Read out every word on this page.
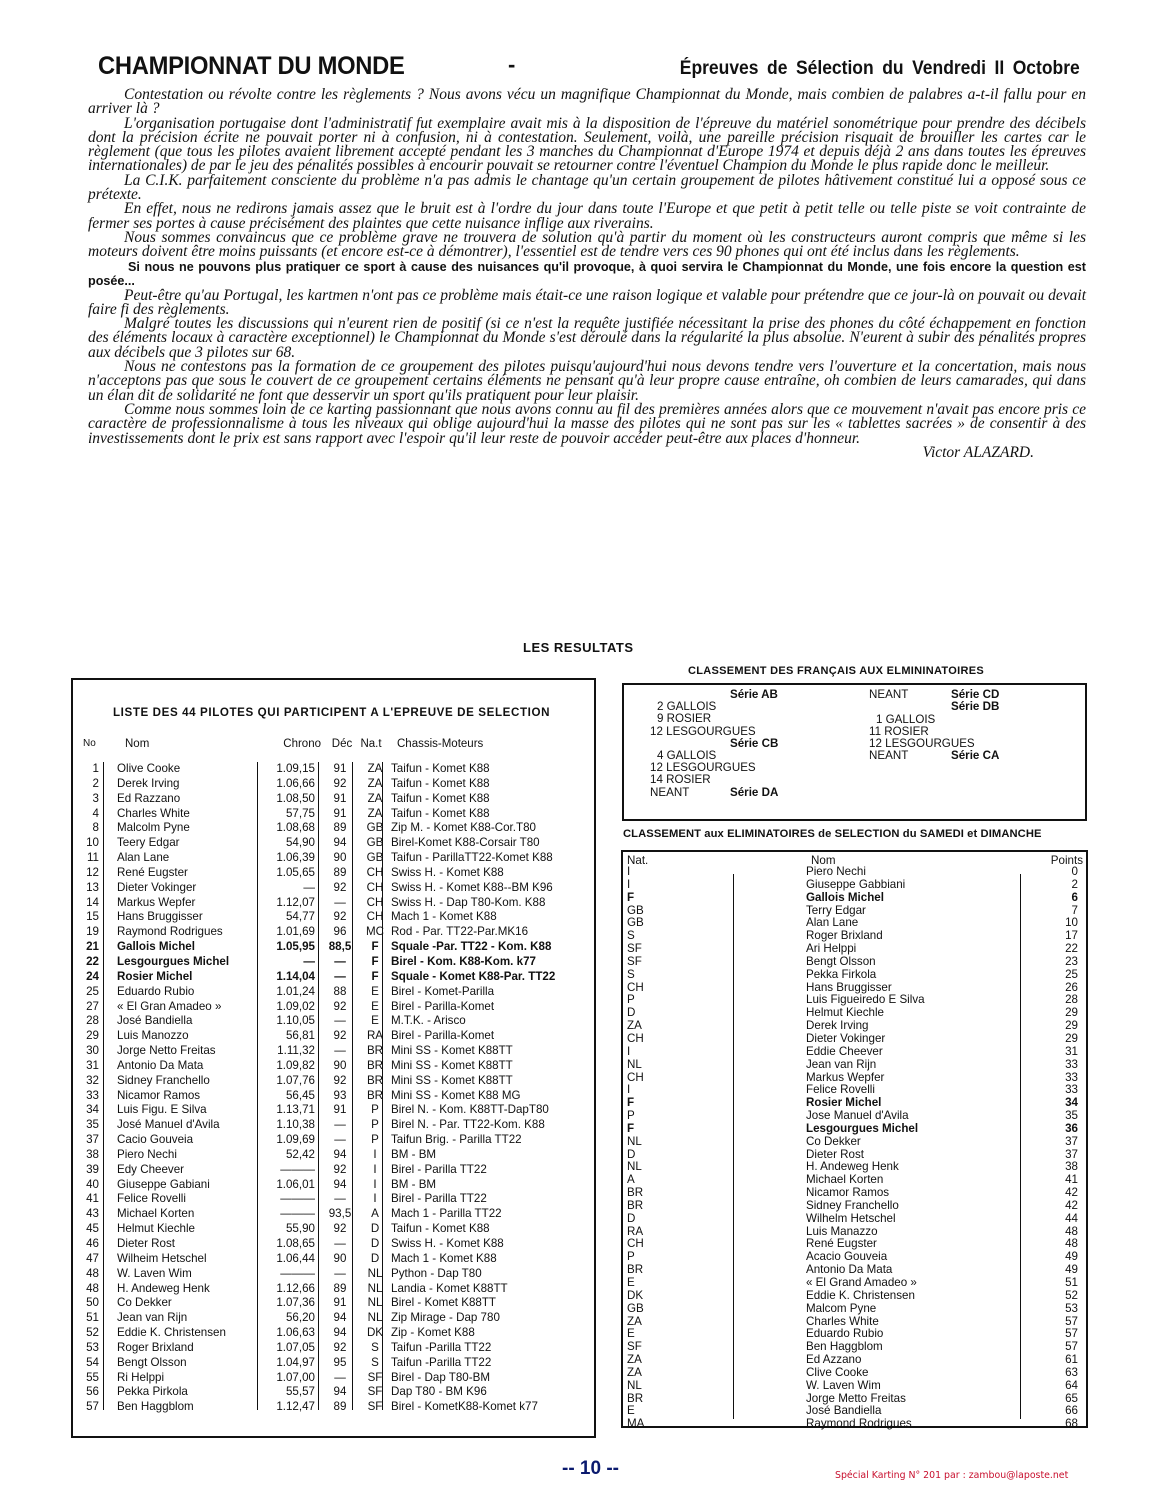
CHAMPIONNAT DU MONDE	-	Épreuves de Sélection du Vendredi II Octobre

Contestation ou révolte contre les règlements ? Nous avons vécu un magnifique Championnat du Monde, mais combien de palabres a-t-il fallu pour en arriver là ?

L'organisation portugaise dont l'administratif fut exemplaire avait mis à la disposition de l'épreuve du matériel sonométrique pour prendre des décibels dont la précision écrite ne pouvait porter ni à confusion, ni à contestation. Seulement, voilà, une pareille précision risquait de brouiller les cartes car le règlement (que tous les pilotes avaient librement accepté pendant les 3 manches du Championnat d'Europe 1974 et depuis déjà 2 ans dans toutes les épreuves internationales) de par le jeu des pénalités possibles à encourir pouvait se retourner contre l'éventuel Champion du Monde le plus rapide donc le meilleur.

La C.I.K. parfaitement consciente du problème n'a pas admis le chantage qu'un certain groupement de pilotes hâtivement constitué lui a opposé sous ce prétexte.

En effet, nous ne redirons jamais assez que le bruit est à l'ordre du jour dans toute l'Europe et que petit à petit telle ou telle piste se voit contrainte de fermer ses portes à cause précisément des plaintes que cette nuisance inflige aux riverains.

Nous sommes convaincus que ce problème grave ne trouvera de solution qu'à partir du moment où les constructeurs auront compris que même si les moteurs doivent être moins puissants (et encore est-ce à démontrer), l'essentiel est de tendre vers ces 90 phones qui ont été inclus dans les règlements.

Si nous ne pouvons plus pratiquer ce sport à cause des nuisances qu'il provoque, à quoi servira le Championnat du Monde, une fois encore la question est posée...

Peut-être qu'au Portugal, les kartmen n'ont pas ce problème mais était-ce une raison logique et valable pour prétendre que ce jour-là on pouvait ou devait faire fi des règlements.

Malgré toutes les discussions qui n'eurent rien de positif (si ce n'est la requête justifiée nécessitant la prise des phones du côté échappement en fonction des éléments locaux à caractère exceptionnel) le Championnat du Monde s'est déroulé dans la régularité la plus absolue. N'eurent à subir des pénalités propres aux décibels que 3 pilotes sur 68.

Nous ne contestons pas la formation de ce groupement des pilotes puisqu'aujourd'hui nous devons tendre vers l'ouverture et la concertation, mais nous n'acceptons pas que sous le couvert de ce groupement certains éléments ne pensant qu'à leur propre cause entraîne, oh combien de leurs camarades, qui dans un élan dit de solidarité ne font que desservir un sport qu'ils pratiquent pour leur plaisir.

Comme nous sommes loin de ce karting passionnant que nous avons connu au fil des premières années alors que ce mouvement n'avait pas encore pris ce caractère de professionnalisme à tous les niveaux qui oblige aujourd'hui la masse des pilotes qui ne sont pas sur les « tablettes sacrées » de consentir à des investissements dont le prix est sans rapport avec l'espoir qu'il leur reste de pouvoir accéder peut-être aux places d'honneur.

Victor ALAZARD.

LES RESULTATS
LISTE DES 44 PILOTES QUI PARTICIPENT A L'EPREUVE DE SELECTION
No	Nom	Chrono Déc Na.t	Chassis-Moteurs
1 Olive Cooke	1.09,15	91	ZA Taifun - Komet K88
2 Derek Irving	1.06,66	92	ZA Taifun - Komet K88
3 Ed Razzano	1.08,50	91	ZA Taifun - Komet K88
4 Charles White	57,75	91	ZA Taifun - Komet K88
8 Malcolm Pyne	1.08,68	89	GB Zip M. - Komet K88-Cor.T80
10 Teery Edgar	54,90	94	GB Birel-Komet K88-Corsair T80
11 Alan Lane	1.06,39	90	GB Taifun - ParillaTT22-Komet K88
12 René Eugster	1.05,65	89	CH Swiss H. - Komet K88
13 Dieter Vokinger	—	92	CH Swiss H. - Komet K88--BM K96
14 Markus Wepfer	1.12,07	—	CH Swiss H. - Dap T80-Kom. K88
15 Hans Bruggisser	54,77	92	CH Mach 1 - Komet K88
19 Raymond Rodrigues	1.01,69	96	MC Rod - Par. TT22-Par.MK16
21 Gallois Michel	1.05,95	88,5	F	Squale -Par. TT22 - Kom. K88
22 Lesgourgues Michel	—	—	F	Birel - Kom. K88-Kom. k77
24 Rosier Michel	1.14,04	—	F	Squale - Komet K88-Par. TT22
25 Eduardo Rubio	1.01,24	88	E	Birel - Komet-Parilla
27 « El Gran Amadeo »	1.09,02	92	E	Birel - Parilla-Komet
28 José Bandiella	1.10,05	—	E	M.T.K. - Arisco
29 Luis Manozzo	56,81	92	RA Birel - Parilla-Komet
30 Jorge Netto Freitas	1.11,32	—	BR Mini SS - Komet K88TT
31 Antonio Da Mata	1.09,82	90	BR Mini SS - Komet K88TT
32 Sidney Franchello	1.07,76	92	BR Mini SS - Komet K88TT
33 Nicamor Ramos	56,45	93	BR Mini SS - Komet K88 MG
34 Luis Figu. E Silva	1.13,71	91	P	Birel N. - Kom. K88TT-DapT80
35 José Manuel d'Avila	1.10,38	—	P	Birel N. - Par. TT22-Kom. K88
37 Cacio Gouveia	1.09,69	—	P	Taifun Brig. - Parilla TT22
38 Piero Nechi	52,42	94	I	BM - BM
39 Edy Cheever	———	92	I	Birel - Parilla TT22
40 Giuseppe Gabiani	1.06,01	94	I	BM - BM
41 Felice Rovelli	———	—	I	Birel - Parilla TT22
43 Michael Korten	———	93,5	A	Mach 1 - Parilla TT22
45 Helmut Kiechle	55,90	92	D	Taifun - Komet K88
46 Dieter Rost	1.08,65	—	D	Swiss H. - Komet K88
47 Wilheim Hetschel	1.06,44	90	D	Mach 1 - Komet K88
48 W. Laven Wim	———	—	NL Python - Dap T80
48 H. Andeweg Henk	1.12,66	89	NL Landia - Komet K88TT
50 Co Dekker	1.07,36	91	NL Birel - Komet K88TT
51 Jean van Rijn	56,20	94	NL Zip Mirage - Dap 780
52 Eddie K. Christensen	1.06,63	94	DK Zip - Komet K88
53 Roger Brixland	1.07,05	92	S	Taifun -Parilla TT22
54 Bengt Olsson	1.04,97	95	S	Taifun -Parilla TT22
55 Ri Helppi	1.07,00	—	SF Birel - Dap T80-BM
56 Pekka Pirkola	55,57	94	SF Dap T80 - BM K96
57 Ben Haggblom	1.12,47	89	SF Birel - KometK88-Komet k77
CLASSEMENT DES FRANÇAIS AUX ELMININATOIRES
Série AB
2 GALLOIS
9 ROSIER
12 LESGOURGUES
Série CB
4 GALLOIS
12 LESGOURGUES
14 ROSIER
Série DA
NEANT
Série CD
NEANT
Série DB
1 GALLOIS
11 ROSIER
12 LESGOURGUES
Série CA
NEANT
CLASSEMENT aux ELIMINATOIRES de SELECTION du SAMEDI et DIMANCHE
Nat.	Nom	Points
I	Piero Nechi	0
I	Giuseppe Gabbiani	2
F	Gallois Michel	6
GB	Terry Edgar	7
GB	Alan Lane	10
S	Roger Brixland	17
SF	Ari Helppi	22
SF	Bengt Olsson	23
S	Pekka Firkola	25
CH	Hans Bruggisser	26
P	Luis Figueiredo E Silva	28
D	Helmut Kiechle	29
ZA	Derek Irving	29
CH	Dieter Vokinger	29
I	Eddie Cheever	31
NL	Jean van Rijn	33
CH	Markus Wepfer	33
I	Felice Rovelli	33
F	Rosier Michel	34
P	Jose Manuel d'Avila	35
F	Lesgourgues Michel	36
NL	Co Dekker	37
D	Dieter Rost	37
NL	H. Andeweg Henk	38
A	Michael Korten	41
BR	Nicamor Ramos	42
BR	Sidney Franchello	42
D	Wilhelm Hetschel	44
RA	Luis Manazzo	48
CH	René Eugster	48
P	Acacio Gouveia	49
BR	Antonio Da Mata	49
E	« El Grand Amadeo »	51
DK	Eddie K. Christensen	52
GB	Malcom Pyne	53
ZA	Charles White	57
E	Eduardo Rubio	57
SF	Ben Haggblom	57
ZA	Ed Azzano	61
ZA	Clive Cooke	63
NL	W. Laven Wim	64
BR	Jorge Metto Freitas	65
E	José Bandiella	66
MA	Raymond Rodrigues	68
-- 10 --	Spécial Karting N° 201 par : zambou@laposte.net
